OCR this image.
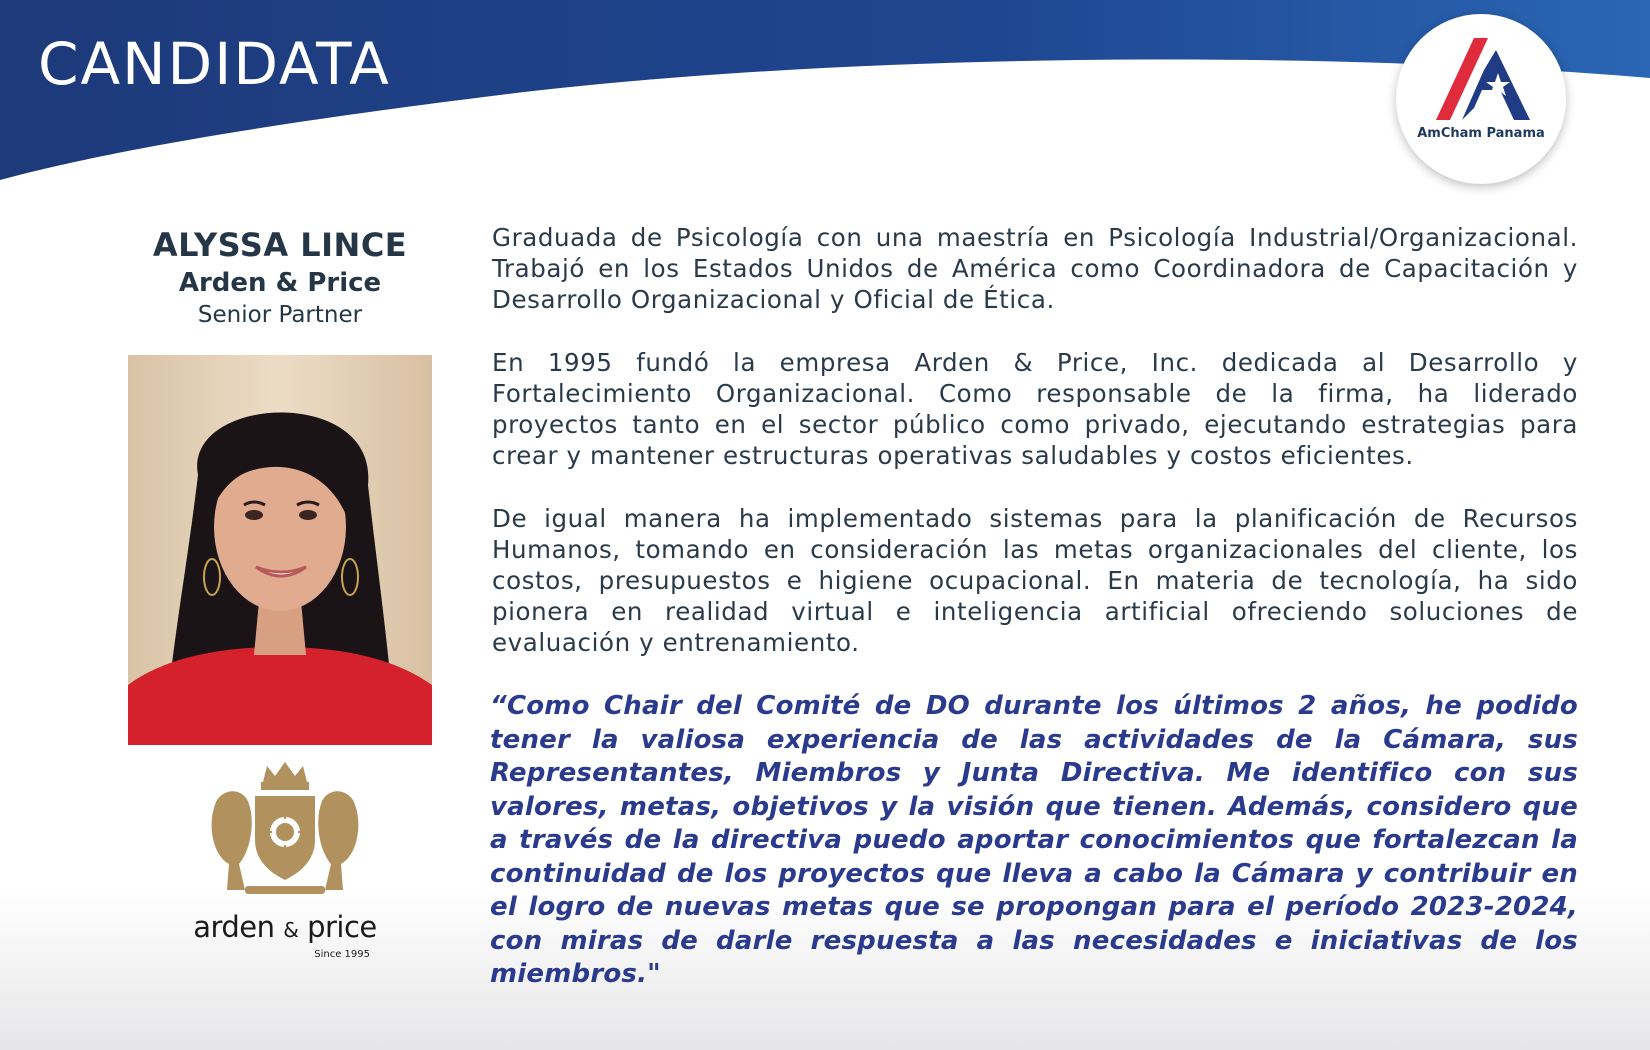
CANDIDATA
AmCham Panama
ALYSSA LINCE
Arden & Price
Senior Partner
arden & price
Since 1995

Graduada de Psicología con una maestría en Psicología Industrial/Organizacional. Trabajó en los Estados Unidos de América como Coordinadora de Capacitación y Desarrollo Organizacional y Oficial de Ética.

En 1995 fundó la empresa Arden & Price, Inc. dedicada al Desarrollo y Fortalecimiento Organizacional. Como responsable de la firma, ha liderado proyectos tanto en el sector público como privado, ejecutando estrategias para crear y mantener estructuras operativas saludables y costos eficientes.

De igual manera ha implementado sistemas para la planificación de Recursos Humanos, tomando en consideración las metas organizacionales del cliente, los costos, presupuestos e higiene ocupacional. En materia de tecnología, ha sido pionera en realidad virtual e inteligencia artificial ofreciendo soluciones de evaluación y entrenamiento.

“Como Chair del Comité de DO durante los últimos 2 años, he podido tener la valiosa experiencia de las actividades de la Cámara, sus Representantes, Miembros y Junta Directiva. Me identifico con sus valores, metas, objetivos y la visión que tienen. Además, considero que a través de la directiva puedo aportar conocimientos que fortalezcan la continuidad de los proyectos que lleva a cabo la Cámara y contribuir en el logro de nuevas metas que se propongan para el período 2023-2024, con miras de darle respuesta a las necesidades e iniciativas de los miembros."
